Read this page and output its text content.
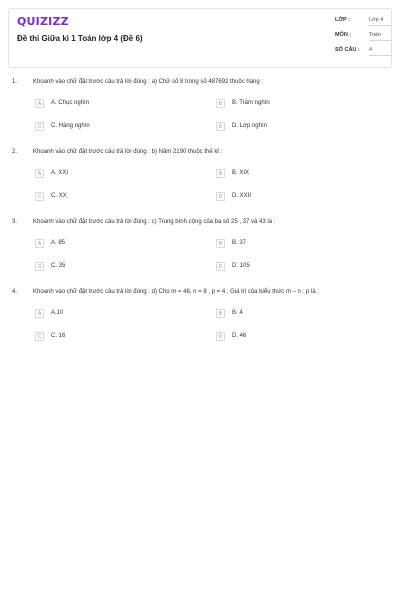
QUIZIZZ
Đề thi Giữa kì 1 Toán lớp 4 (Đề 6)
LỚP :	Lớp 4
MÔN :	Toán
SỐ CÂU : 4
1.	Khoanh vào chữ đặt trước câu trả lời đúng : a) Chữ số 8 trong số 487692 thuộc hàng :
A	A. Chục nghìn	B	B. Trăm nghìn
C	C. Hàng nghìn	D	D. Lớp nghìn
2.	Khoanh vào chữ đặt trước câu trả lời đúng : b) Năm 2190 thuộc thế kỉ :
A	A. XXI	B	B. XIX
C	C. XX	D	D. XXII
3.	Khoanh vào chữ đặt trước câu trả lời đúng : c) Trung bình cộng của ba số 25 , 37 và 43 là :
A	A. 85	B	B. 37
C	C. 35	D	D. 105
4.	Khoanh vào chữ đặt trước câu trả lời đúng : d) Cho m = 48, n = 8 , p = 4 . Giá trị của biểu thức m – n : p là :
A	A.10	B	B. 4
C	C. 16	D	D. 46
